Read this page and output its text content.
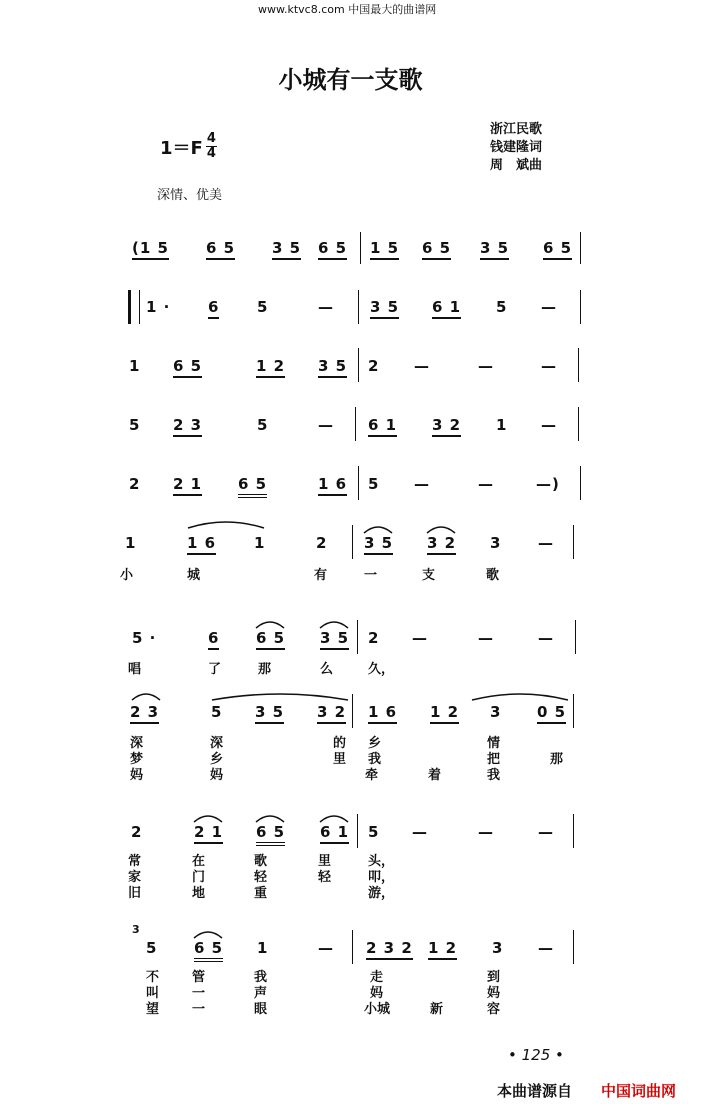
www.ktvc8.com 中国最大的曲谱网
小城有一支歌
$1=F \frac{4}{4}$
浙江民歌
钱建隆词
周　斌曲
深情、优美
(1 5 6 5 3 5 6 5 1 5 6 5 3 5 6 5
1 ·	6	5	— 3 5 6 1 5 —
1 6 5	1 2 3 5 2 —	—	—
5 2 3	5	— 6 1 3 2 1 —
2 2 1 6 5	1 6 5 —	—	—)
1	1 6	1	2 3 5 3 2 3 —
小	城	有	一	支	歌
5 ·	6 6 5 3 5 2 —	—	—
唱	了	那	么	久，
2 3	5 3 5 3 2 1 6 1 2 3 0 5
深	深	的 乡	情
梦	乡	里 我	把	那
妈	妈	牵	着	我
2	2 1 6 5 6 1 5 —	—	—
常	在	歌	里	头，
家	门	轻	轻	叩，
旧	地	重	游，
3
5 6 5 1	— 2 3 2 1 2 3 —
不	管	我	走	到
叫	一	声	妈	妈
望	一	眼	小城	新	容
• 125 •
本曲谱源自 中国词曲网
